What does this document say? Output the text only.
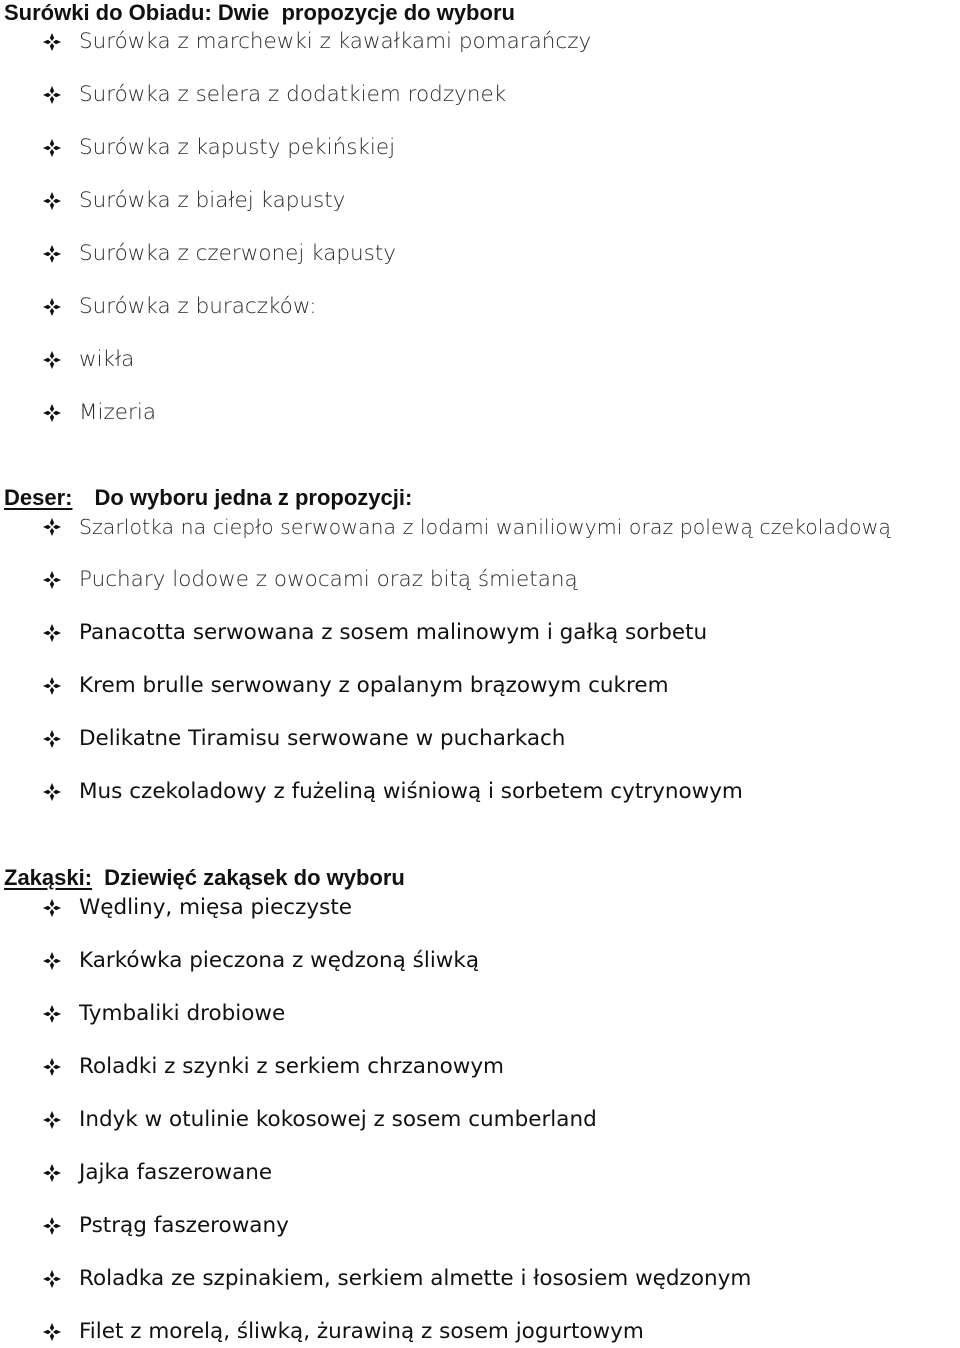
Surówki do Obiadu: Dwie  propozycje do wyboru
Surówka z marchewki z kawałkami pomarańczy
Surówka z selera z dodatkiem rodzynek
Surówka z kapusty pekińskiej
Surówka z białej kapusty
Surówka z czerwonej kapusty
Surówka z buraczków:
wikła
Mizeria
Deser: Do wyboru jedna z propozycji:
Szarlotka na ciepło serwowana z lodami waniliowymi oraz polewą czekoladową
Puchary lodowe z owocami oraz bitą śmietaną
Panacotta serwowana z sosem malinowym i gałką sorbetu
Krem brulle serwowany z opalanym brązowym cukrem
Delikatne Tiramisu serwowane w pucharkach
Mus czekoladowy z fużeliną wiśniową i sorbetem cytrynowym
Zakąski: Dziewięć zakąsek do wyboru
Wędliny, mięsa pieczyste
Karkówka pieczona z wędzoną śliwką
Tymbaliki drobiowe
Roladki z szynki z serkiem chrzanowym
Indyk w otulinie kokosowej z sosem cumberland
Jajka faszerowane
Pstrąg faszerowany
Roladka ze szpinakiem, serkiem almette i łososiem wędzonym
Filet z morelą, śliwką, żurawiną z sosem jogurtowym
